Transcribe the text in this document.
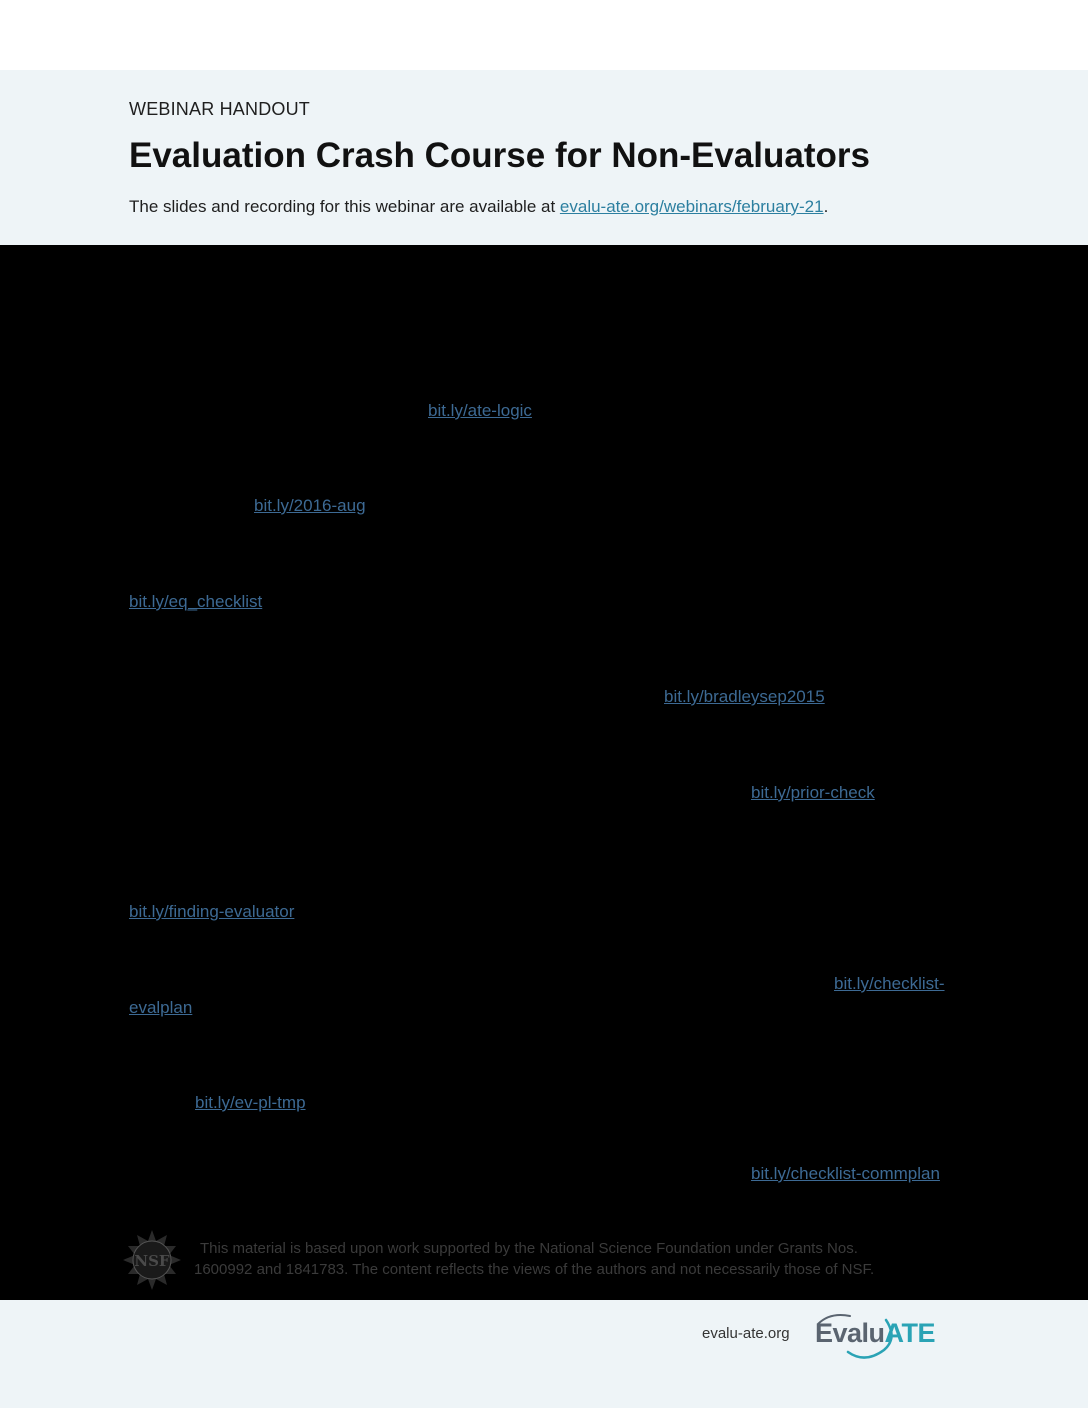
WEBINAR HANDOUT
Evaluation Crash Course for Non-Evaluators
The slides and recording for this webinar are available at evalu-ate.org/webinars/february-21.
bit.ly/ate-logic
bit.ly/2016-aug
bit.ly/eq_checklist
bit.ly/bradleysep2015
bit.ly/prior-check
bit.ly/finding-evaluator
bit.ly/checklist-
evalplan
bit.ly/ev-pl-tmp
bit.ly/checklist-commplan
NSF
This material is based upon work supported by the National Science Foundation under Grants Nos.
1600992 and 1841783. The content reflects the views of the authors and not necessarily those of NSF.
evalu-ate.org EvaluATE
